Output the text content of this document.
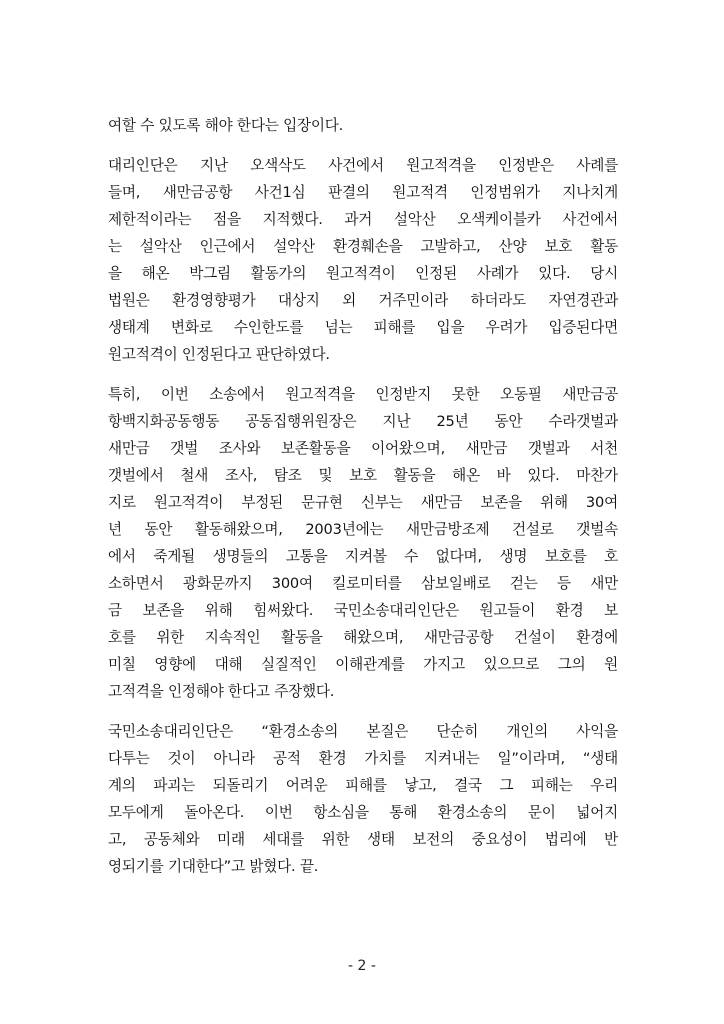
여할 수 있도록 해야 한다는 입장이다.

대리인단은 지난 오색삭도 사건에서 원고적격을 인정받은 사례를
들며, 새만금공항 사건1심 판결의 원고적격 인정범위가 지나치게
제한적이라는 점을 지적했다. 과거 설악산 오색케이블카 사건에서
는 설악산 인근에서 설악산 환경훼손을 고발하고, 산양 보호 활동
을 해온 박그림 활동가의 원고적격이 인정된 사례가 있다. 당시
법원은 환경영향평가 대상지 외 거주민이라 하더라도 자연경관과
생태계 변화로 수인한도를 넘는 피해를 입을 우려가 입증된다면
원고적격이 인정된다고 판단하였다.

특히, 이번 소송에서 원고적격을 인정받지 못한 오동필 새만금공
항백지화공동행동 공동집행위원장은 지난 25년 동안 수라갯벌과
새만금 갯벌 조사와 보존활동을 이어왔으며, 새만금 갯벌과 서천
갯벌에서 철새 조사, 탐조 및 보호 활동을 해온 바 있다. 마찬가
지로 원고적격이 부정된 문규현 신부는 새만금 보존을 위해 30여
년 동안 활동해왔으며, 2003년에는 새만금방조제 건설로 갯벌속
에서 죽게될 생명들의 고통을 지켜볼 수 없다며, 생명 보호를 호
소하면서 광화문까지 300여 킬로미터를 삼보일배로 걷는 등 새만
금 보존을 위해 힘써왔다. 국민소송대리인단은 원고들이 환경 보
호를 위한 지속적인 활동을 해왔으며, 새만금공항 건설이 환경에
미칠 영향에 대해 실질적인 이해관계를 가지고 있으므로 그의 원
고적격을 인정해야 한다고 주장했다.

국민소송대리인단은 “환경소송의 본질은 단순히 개인의 사익을
다투는 것이 아니라 공적 환경 가치를 지켜내는 일”이라며, “생태
계의 파괴는 되돌리기 어려운 피해를 낳고, 결국 그 피해는 우리
모두에게 돌아온다. 이번 항소심을 통해 환경소송의 문이 넓어지
고, 공동체와 미래 세대를 위한 생태 보전의 중요성이 법리에 반
영되기를 기대한다”고 밝혔다. 끝.

- 2 -
